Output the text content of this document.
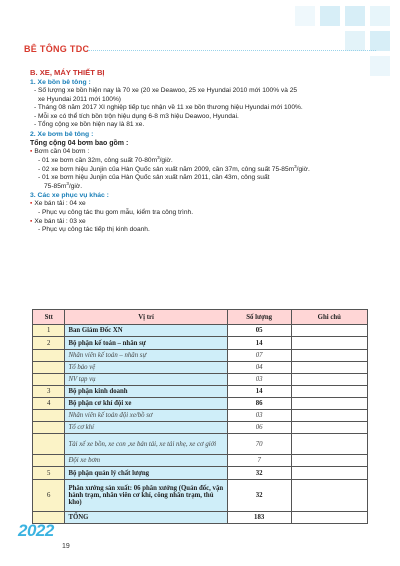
BÊ TÔNG TDC

B. XE, MÁY THIẾT BỊ

1. Xe bồn bê tông :

- Số lượng xe bồn hiện nay là 70 xe (20 xe Deawoo, 25 xe Hyundai 2010 mới 100% và 25

xe Hyundai 2011 mới 100%)

- Tháng 08 năm 2017 XI nghiệp tiếp tục nhận về 11 xe bồn thương hiệu Hyundai mới 100%.

- Mỗi xe có thể tích bồn trộn hiệu dụng 6-8 m3 hiệu Deawoo, Hyundai.

- Tổng cộng xe bồn hiện nay là 81 xe.

2. Xe bơm bê tông :

Tổng cộng 04 bơm bao gồm :

▪ Bơm cần 04 bơm :

- 01 xe bơm cần 32m, công suất $70-80m^3$/giờ.

- 02 xe bơm hiệu Junjin của Hàn Quốc sản xuất năm 2009, cần 37m, công suất $75-85m^3$/giờ.

- 01 xe bơm hiệu Junjin của Hàn Quốc sản xuất năm 2011, cần 43m, công suất

$75-85m^3$/giờ.

3. Các xe phục vụ khác :

▪ Xe bán tải : 04 xe

- Phục vụ công tác thu gom mẫu, kiểm tra công trình.

▪ Xe bán tải : 03 xe

- Phục vụ công tác tiếp thị kinh doanh.

Stt	Vị trí	Số lượng	Ghi chú
1	Ban Giám Đốc XN	05	
2	Bộ phận kế toán – nhân sự	14	
	Nhân viên kế toán – nhân sự	07	
	Tổ bảo vệ	04	
	NV tạp vụ	03	
3	Bộ phận kinh doanh	14	
4	Bộ phận cơ khí đội xe	86	
	Nhân viên kế toán đội xe/bồ sơ	03	
	Tổ cơ khí	06	
	Tài xế xe bồn, xe con ,xe bán tải, xe tải nhẹ, xe cơ giới	70	
	Đội xe bơm	7	
5	Bộ phận quản lý chất lượng	32	
6	Phân xưởng sản xuất: 06 phân xưởng (Quản đốc, vận hành trạm, nhân viên cơ khí, công nhân trạm, thủ kho)	32	
	TỔNG	183	
2022
19
